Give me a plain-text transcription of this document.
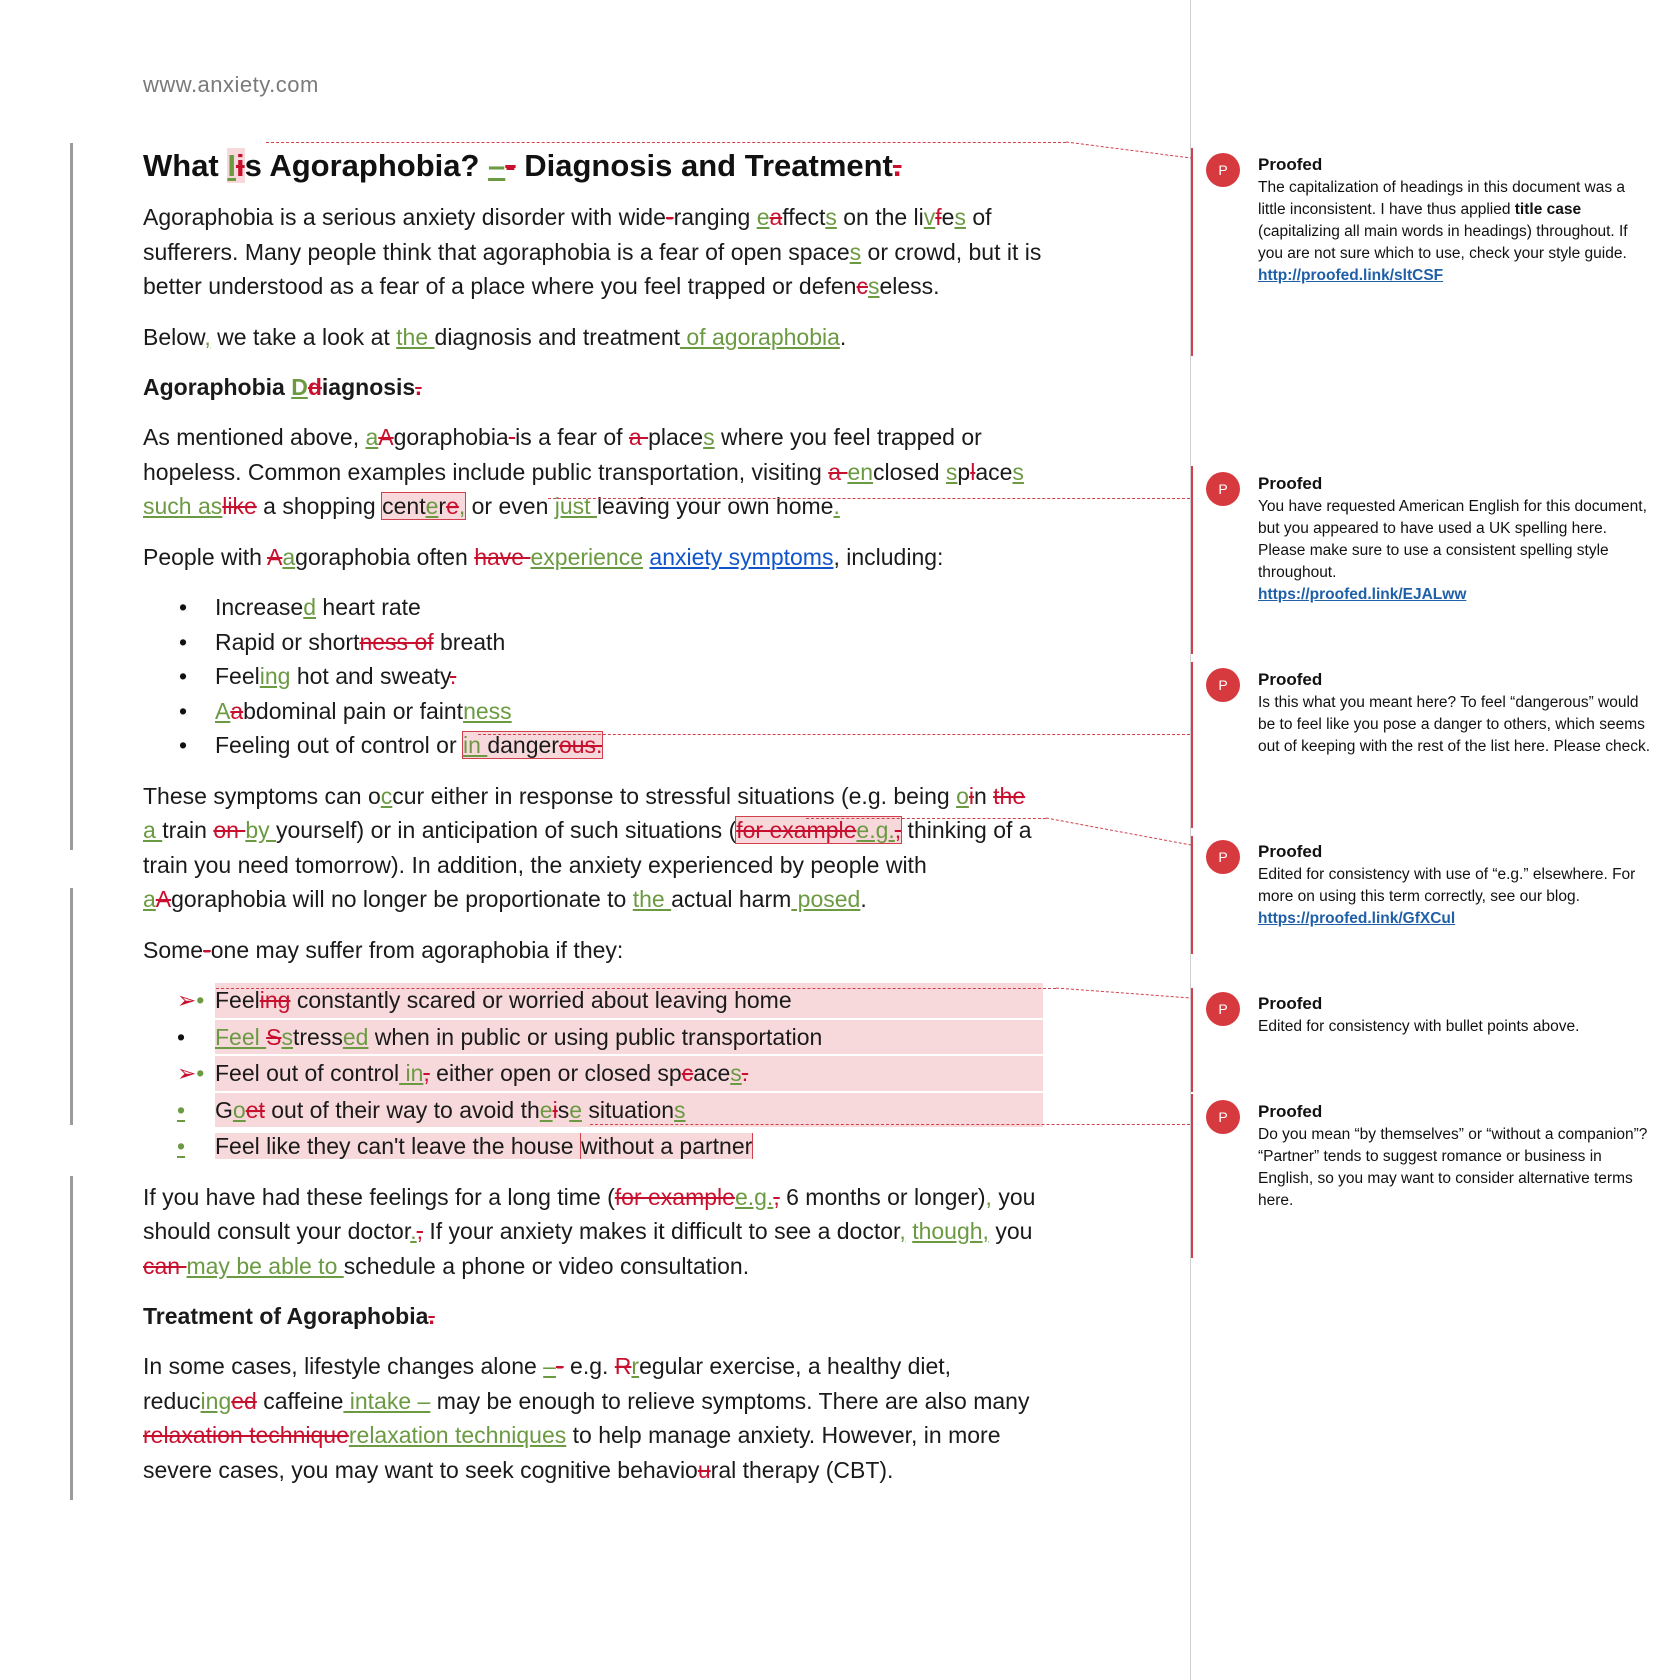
www.anxiety.com
What Iis Agoraphobia? –- Diagnosis and Treatment.

Agoraphobia is a serious anxiety disorder with wide-ranging eaffects on the livfes of sufferers. Many people think that agoraphobia is a fear of open spaces or crowd, but it is better understood as a fear of a place where you feel trapped or defencseless.

Below, we take a look at the diagnosis and treatment of agoraphobia.

Agoraphobia Ddiagnosis.

As mentioned above, aAgoraphobia is a fear of a places where you feel trapped or hopeless. Common examples include public transportation, visiting a enclosed splaces such aslike a shopping centere, or even just leaving your own home.

People with Aagoraphobia often have experience anxiety symptoms, including:

• Increased heart rate
• Rapid or shortness of breath
• Feeling hot and sweaty.
• Aabdominal pain or faintness
• Feeling out of control or in dangerous.

These symptoms can occur either in response to stressful situations (e.g. being oin the a train on by yourself) or in anticipation of such situations (for examplee.g., thinking of a train you need tomorrow). In addition, the anxiety experienced by people with aAgoraphobia will no longer be proportionate to the actual harm posed.

Some-one may suffer from agoraphobia if they:

➢• Feeling constantly scared or worried about leaving home
• Feel Sstressed when in public or using public transportation
➢• Feel out of control in, either open or closed spcaces.
• Goet out of their way to avoid theise situations
• Feel like they can't leave the house without a partner

If you have had these feelings for a long time (for examplee.g., 6 months or longer), you should consult your doctor., If your anxiety makes it difficult to see a doctor, though, you can may be able to schedule a phone or video consultation.

Treatment of Agoraphobia.

In some cases, lifestyle changes alone –- e.g. Rregular exercise, a healthy diet, reducinged caffeine intake – may be enough to relieve symptoms. There are also many relaxation techniquerelaxation techniques to help manage anxiety. However, in more severe cases, you may want to seek cognitive behavioural therapy (CBT).

P	Proofed
The capitalization of headings in this document was a little inconsistent. I have thus applied title case (capitalizing all main words in headings) throughout. If you are not sure which to use, check your style guide.
http://proofed.link/sltCSF
P	Proofed
You have requested American English for this document, but you appeared to have used a UK spelling here. Please make sure to use a consistent spelling style throughout.
https://proofed.link/EJALww
P	Proofed
Is this what you meant here? To feel “dangerous” would be to feel like you pose a danger to others, which seems out of keeping with the rest of the list here. Please check.
P	Proofed
Edited for consistency with use of “e.g.” elsewhere. For more on using this term correctly, see our blog.
https://proofed.link/GfXCul
P	Proofed
Edited for consistency with bullet points above.
P	Proofed
Do you mean “by themselves” or “without a companion”? “Partner” tends to suggest romance or business in English, so you may want to consider alternative terms here.
